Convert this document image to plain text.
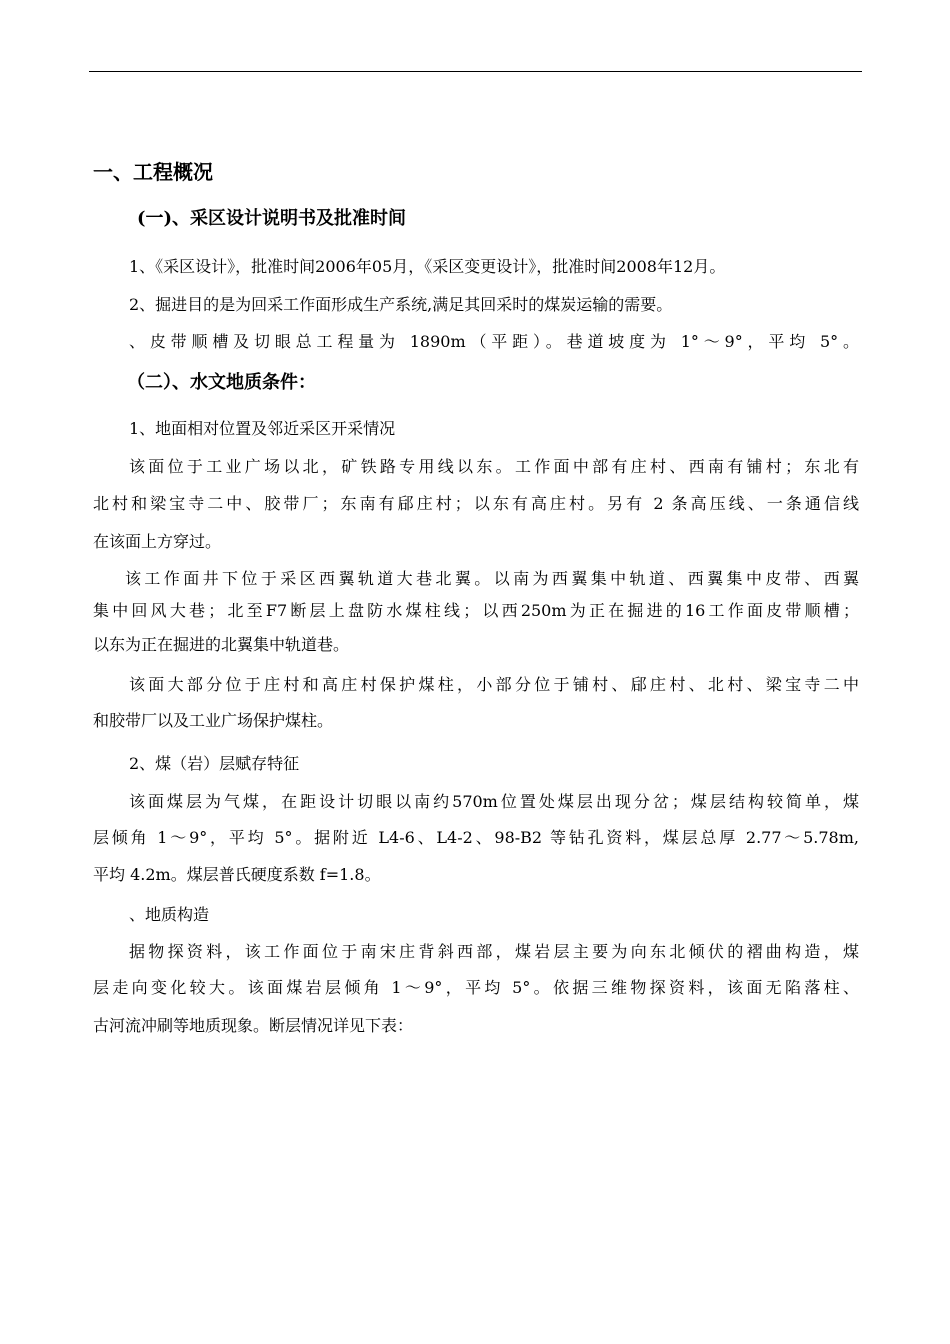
一、工程概况
(一)、采区设计说明书及批准时间
1、《采区设计》，批准时间2006年05月，《采区变更设计》，批准时间2008年12月。
2、掘进目的是为回采工作面形成生产系统,满足其回采时的煤炭运输的需要。
、皮带顺槽及切眼总工程量为 1890m（平距）。巷道坡度为 1°～9°，平均 5°。
（二）、水文地质条件：
1、地面相对位置及邻近采区开采情况
该面位于工业广场以北，矿铁路专用线以东。工作面中部有庄村、西南有铺村；东北有
北村和梁宝寺二中、胶带厂；东南有郈庄村；以东有高庄村。另有 2 条高压线、一条通信线
在该面上方穿过。
该工作面井下位于采区西翼轨道大巷北翼。以南为西翼集中轨道、西翼集中皮带、西翼
集中回风大巷；北至F7断层上盘防水煤柱线；以西250m为正在掘进的16工作面皮带顺槽；
以东为正在掘进的北翼集中轨道巷。
该面大部分位于庄村和高庄村保护煤柱，小部分位于铺村、郈庄村、北村、梁宝寺二中
和胶带厂以及工业广场保护煤柱。
2、煤（岩）层赋存特征
该面煤层为气煤，在距设计切眼以南约570m位置处煤层出现分岔；煤层结构较简单，煤
层倾角 1～9°，平均 5°。据附近 L4-6、L4-2、98-B2 等钻孔资料，煤层总厚 2.77～5.78m,
平均 4.2m。煤层普氏硬度系数 f=1.8。
、地质构造
据物探资料，该工作面位于南宋庄背斜西部，煤岩层主要为向东北倾伏的褶曲构造，煤
层走向变化较大。该面煤岩层倾角 1～9°，平均 5°。依据三维物探资料，该面无陷落柱、
古河流冲刷等地质现象。断层情况详见下表：
